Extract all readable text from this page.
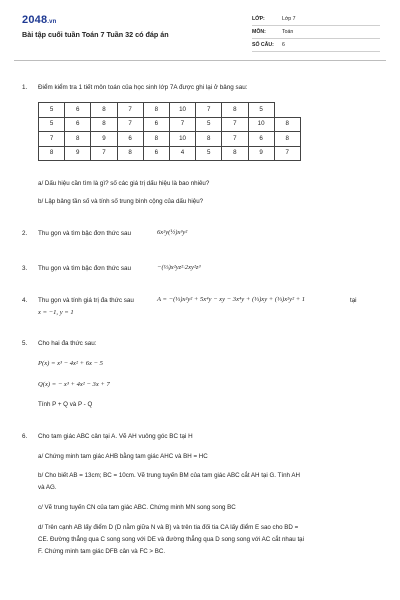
2048.vn
Bài tập cuối tuần Toán 7 Tuần 32 có đáp án
LỚP:	Lớp 7
MÔN:	Toán
SỐ CÂU:	6
1. Điểm kiểm tra 1 tiết môn toán của học sinh lớp 7A được ghi lại ở bảng sau:
5	6	8	7	8	10	7	8	5	
5	6	8	7	6	7	5	7	10	8
7	8	9	6	8	10	8	7	6	8
8	9	7	8	6	4	5	8	9	7
a/ Dấu hiệu cần tìm là gì? số các giá trị dấu hiệu là bao nhiêu?
b/ Lập bảng tần số và tính số trung bình cộng của dấu hiệu?
2. Thu gọn và tìm bậc đơn thức sau	6x²y(½)x³y²
3. Thu gọn và tìm bậc đơn thức sau	−(⅓)x²yz²·2xy²z³
4. Thu gọn và tính giá trị đa thức sau	A = −(⅓)x²y² + 5x⁴y − xy − 3x⁴y + (⅓)xy + (⅓)x²y² + 1	tại
x = −1, y = 1
5. Cho hai đa thức sau:
P(x) = x³ − 4x² + 6x − 5
Q(x) = − x³ + 4x² − 3x + 7
Tính P + Q và P - Q
6. Cho tam giác ABC cân tại A. Vẽ AH vuông góc BC tại H
a/ Chứng minh tam giác AHB bằng tam giác AHC và BH = HC
b/ Cho biết AB = 13cm; BC = 10cm. Vẽ trung tuyến BM của tam giác ABC cắt AH tại G. Tính AH
và AG.
c/ Vẽ trung tuyến CN của tam giác ABC. Chứng minh MN song song BC
d/ Trên cạnh AB lấy điểm D (D nằm giữa N và B) và trên tia đối tia CA lấy điểm E sao cho BD =
CE. Đường thẳng qua C song song với DE và đường thẳng qua D song song với AC cắt nhau tại
F. Chứng minh tam giác DFB cân và FC > BC.
